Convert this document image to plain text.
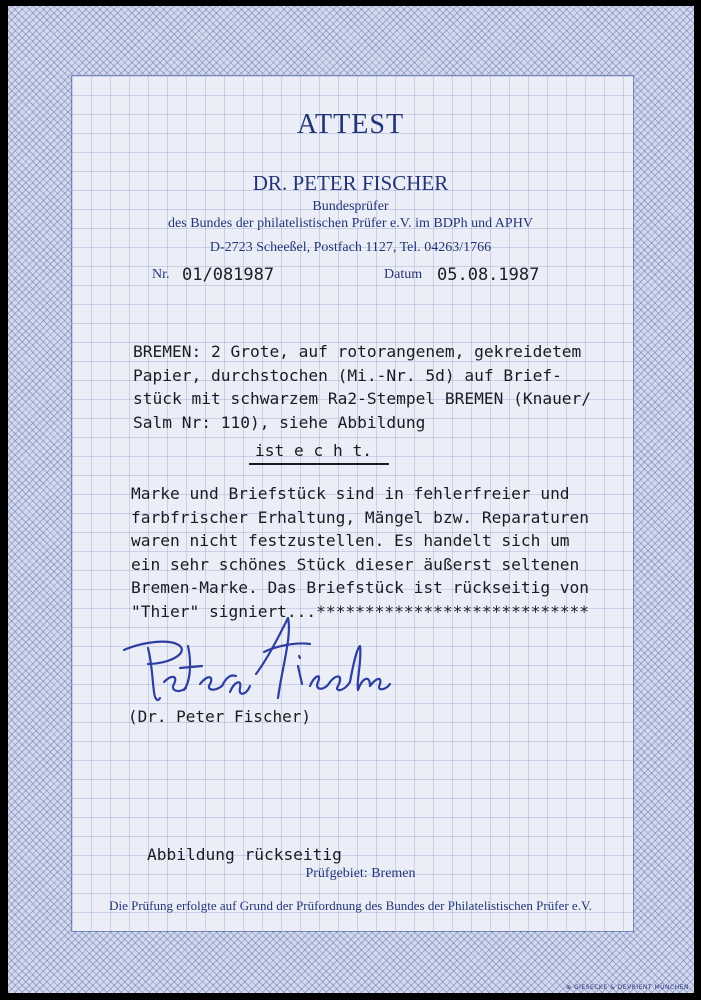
ATTEST
DR. PETER FISCHER
Bundesprüfer
des Bundes der philatelistischen Prüfer e.V. im BDPh und APHV
D-2723 Scheeßel, Postfach 1127, Tel. 04263/1766
Nr. 01/081987	Datum 05.08.1987
BREMEN: 2 Grote, auf rotorangenem, gekreidetem
Papier, durchstochen (Mi.-Nr. 5d) auf Brief-
stück mit schwarzem Ra2-Stempel BREMEN (Knauer/
Salm Nr: 110), siehe Abbildung
ist e c h t.
Marke und Briefstück sind in fehlerfreier und
farbfrischer Erhaltung, Mängel bzw. Reparaturen
waren nicht festzustellen. Es handelt sich um
ein sehr schönes Stück dieser äußerst seltenen
Bremen-Marke. Das Briefstück ist rückseitig von
"Thier" signiert...****************************
(Dr. Peter Fischer)
Abbildung rückseitig
Prüfgebiet: Bremen
Die Prüfung erfolgte auf Grund der Prüfordnung des Bundes der Philatelistischen Prüfer e.V.
⊕ GIESECKE & DEVRIENT MÜNCHEN
